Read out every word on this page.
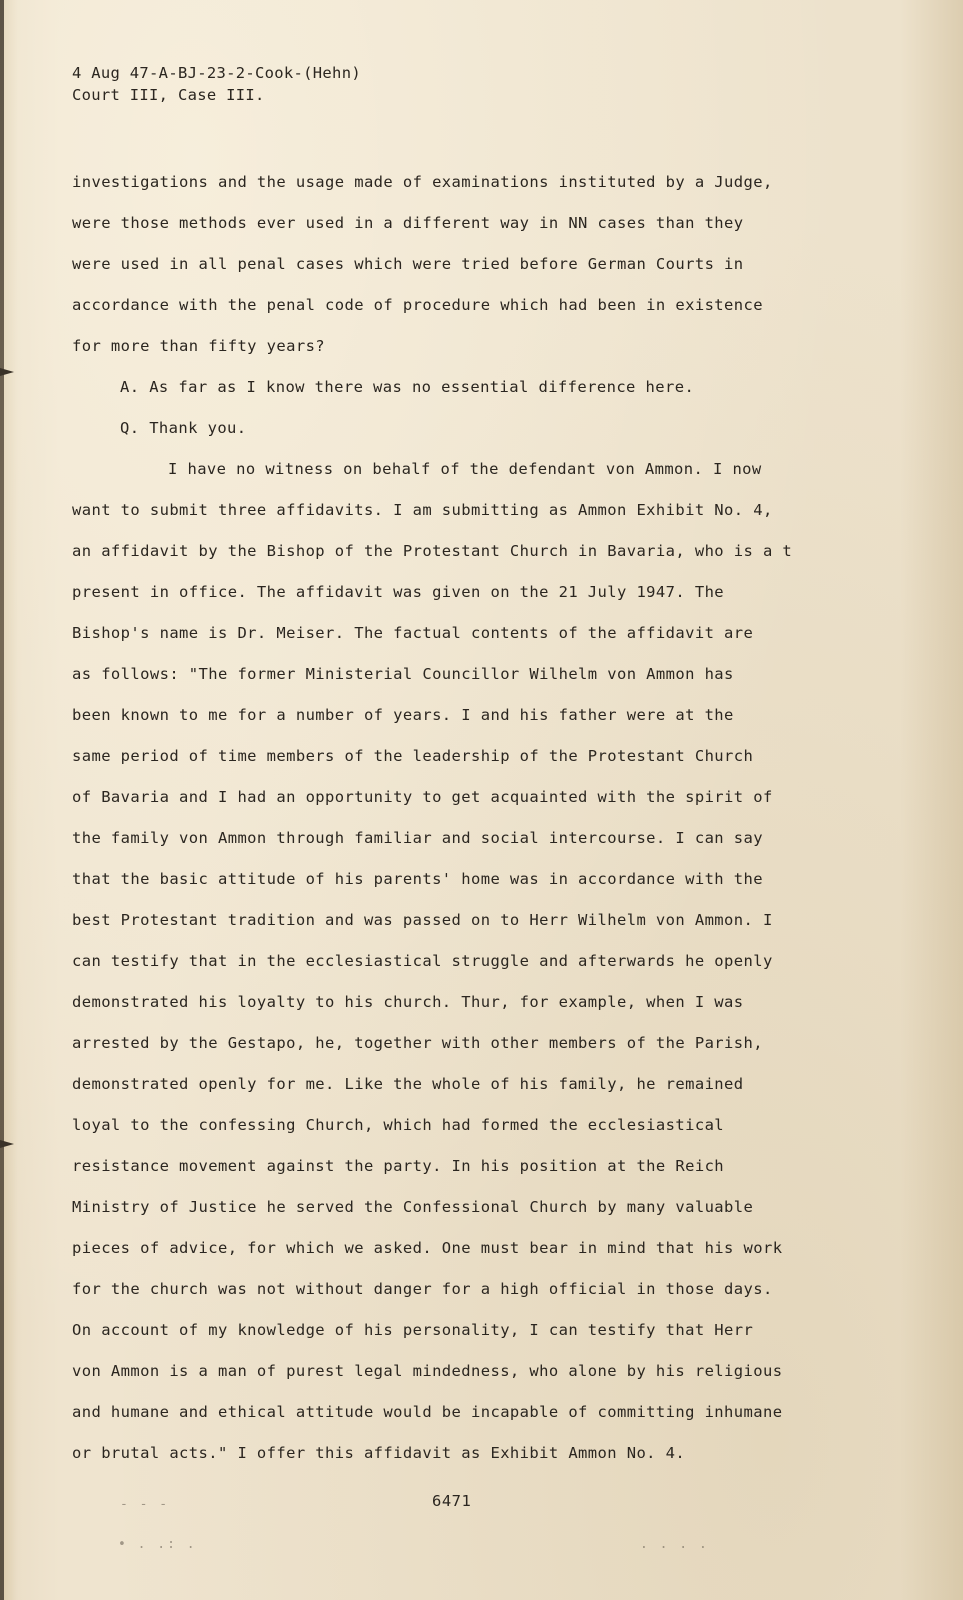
4 Aug 47-A-BJ-23-2-Cook-(Hehn)
Court III, Case III.
investigations and the usage made of examinations instituted by a Judge,
were those methods ever used in a different way in NN cases than they
were used in all penal cases which were tried before German Courts in
accordance with the penal code of procedure which had been in existence
for more than fifty years?
A. As far as I know there was no essential difference here.
Q. Thank you.
I have no witness on behalf of the defendant von Ammon. I now
want to submit three affidavits. I am submitting as Ammon Exhibit No. 4,
an affidavit by the Bishop of the Protestant Church in Bavaria, who is a t
present in office. The affidavit was given on the 21 July 1947. The
Bishop's name is Dr. Meiser. The factual contents of the affidavit are
as follows: "The former Ministerial Councillor Wilhelm von Ammon has
been known to me for a number of years. I and his father were at the
same period of time members of the leadership of the Protestant Church
of Bavaria and I had an opportunity to get acquainted with the spirit of
the family von Ammon through familiar and social intercourse. I can say
that the basic attitude of his parents' home was in accordance with the
best Protestant tradition and was passed on to Herr Wilhelm von Ammon. I
can testify that in the ecclesiastical struggle and afterwards he openly
demonstrated his loyalty to his church. Thur, for example, when I was
arrested by the Gestapo, he, together with other members of the Parish,
demonstrated openly for me. Like the whole of his family, he remained
loyal to the confessing Church, which had formed the ecclesiastical
resistance movement against the party. In his position at the Reich
Ministry of Justice he served the Confessional Church by many valuable
pieces of advice, for which we asked. One must bear in mind that his work
for the church was not without danger for a high official in those days.
On account of my knowledge of his personality, I can testify that Herr
von Ammon is a man of purest legal mindedness, who alone by his religious
and humane and ethical attitude would be incapable of committing inhumane
or brutal acts." I offer this affidavit as Exhibit Ammon No. 4.
6471
- - -
• . .: .	. . . .
